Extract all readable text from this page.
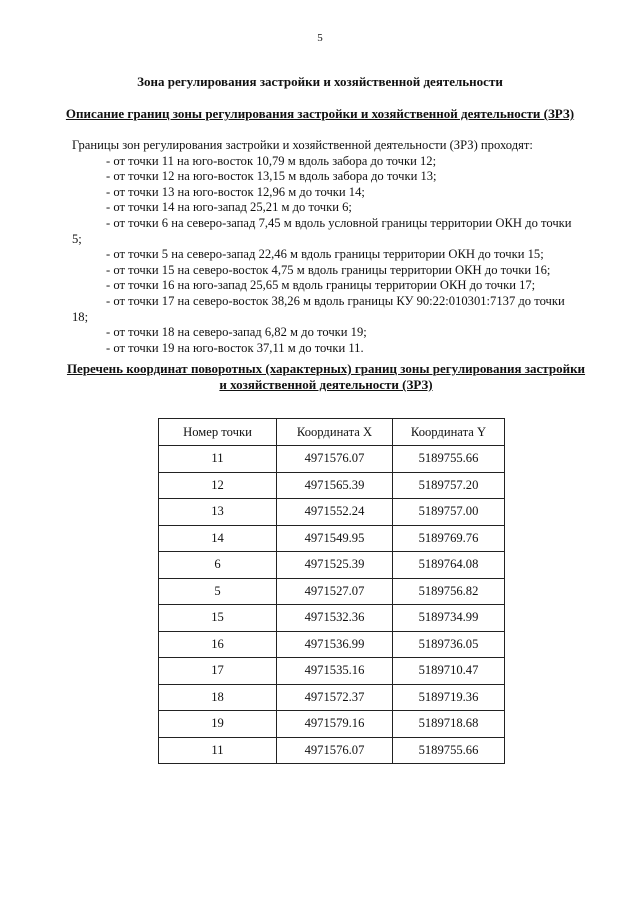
5
Зона регулирования застройки и хозяйственной деятельности
Описание границ зоны регулирования застройки и хозяйственной деятельности (ЗРЗ)
Границы зон регулирования застройки и хозяйственной деятельности (ЗРЗ) проходят:
- от точки 11 на юго-восток 10,79 м вдоль забора до точки 12;
- от точки 12 на юго-восток 13,15 м вдоль забора до точки 13;
- от точки 13 на юго-восток 12,96 м до точки 14;
- от точки 14 на юго-запад 25,21 м до точки 6;
- от точки 6 на северо-запад 7,45 м вдоль условной границы территории ОКН до точки 5;
- от точки 5 на северо-запад 22,46 м вдоль границы территории ОКН до точки 15;
- от точки 15 на северо-восток 4,75 м вдоль границы территории ОКН до точки 16;
- от точки 16 на юго-запад 25,65 м вдоль границы территории ОКН до точки 17;
- от точки 17 на северо-восток 38,26 м вдоль границы КУ 90:22:010301:7137 до точки 18;
- от точки 18 на северо-запад 6,82 м до точки 19;
- от точки 19 на юго-восток 37,11 м до точки 11.
Перечень координат поворотных (характерных) границ зоны регулирования застройки и хозяйственной деятельности (ЗРЗ)
Номер точки	Координата X	Координата Y
11	4971576.07	5189755.66
12	4971565.39	5189757.20
13	4971552.24	5189757.00
14	4971549.95	5189769.76
6	4971525.39	5189764.08
5	4971527.07	5189756.82
15	4971532.36	5189734.99
16	4971536.99	5189736.05
17	4971535.16	5189710.47
18	4971572.37	5189719.36
19	4971579.16	5189718.68
11	4971576.07	5189755.66
